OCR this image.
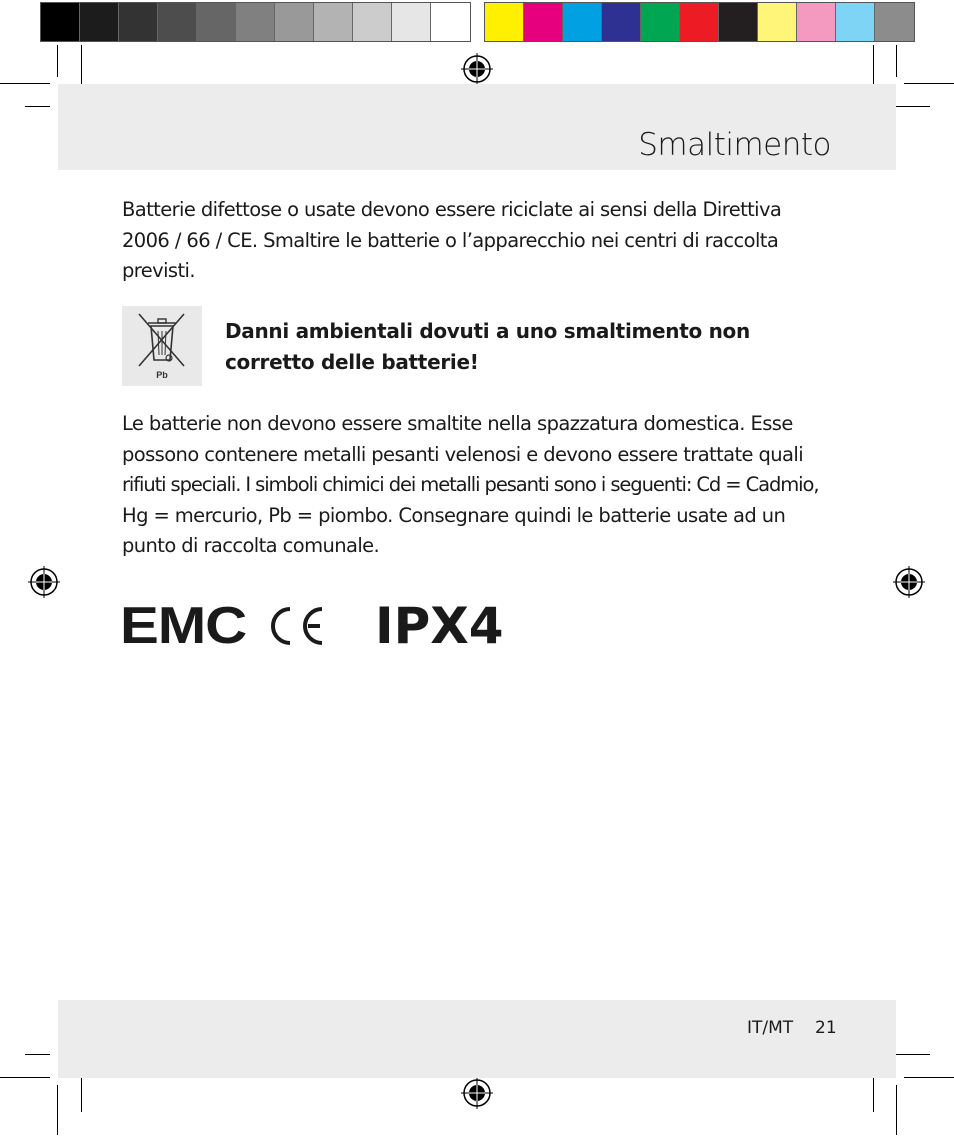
Smaltimento

Batterie difettose o usate devono essere riciclate ai sensi della Direttiva
2006 / 66 / CE. Smaltire le batterie o l’apparecchio nei centri di raccolta
previsti.

Pb

Danni ambientali dovuti a uno smaltimento non
corretto delle batterie!

Le batterie non devono essere smaltite nella spazzatura domestica. Esse
possono contenere metalli pesanti velenosi e devono essere trattate quali
rifiuti speciali. I simboli chimici dei metalli pesanti sono i seguenti: Cd = Cadmio,
Hg = mercurio, Pb = piombo. Consegnare quindi le batterie usate ad un
punto di raccolta comunale.

EMC	IPX4
IT/MT 21
